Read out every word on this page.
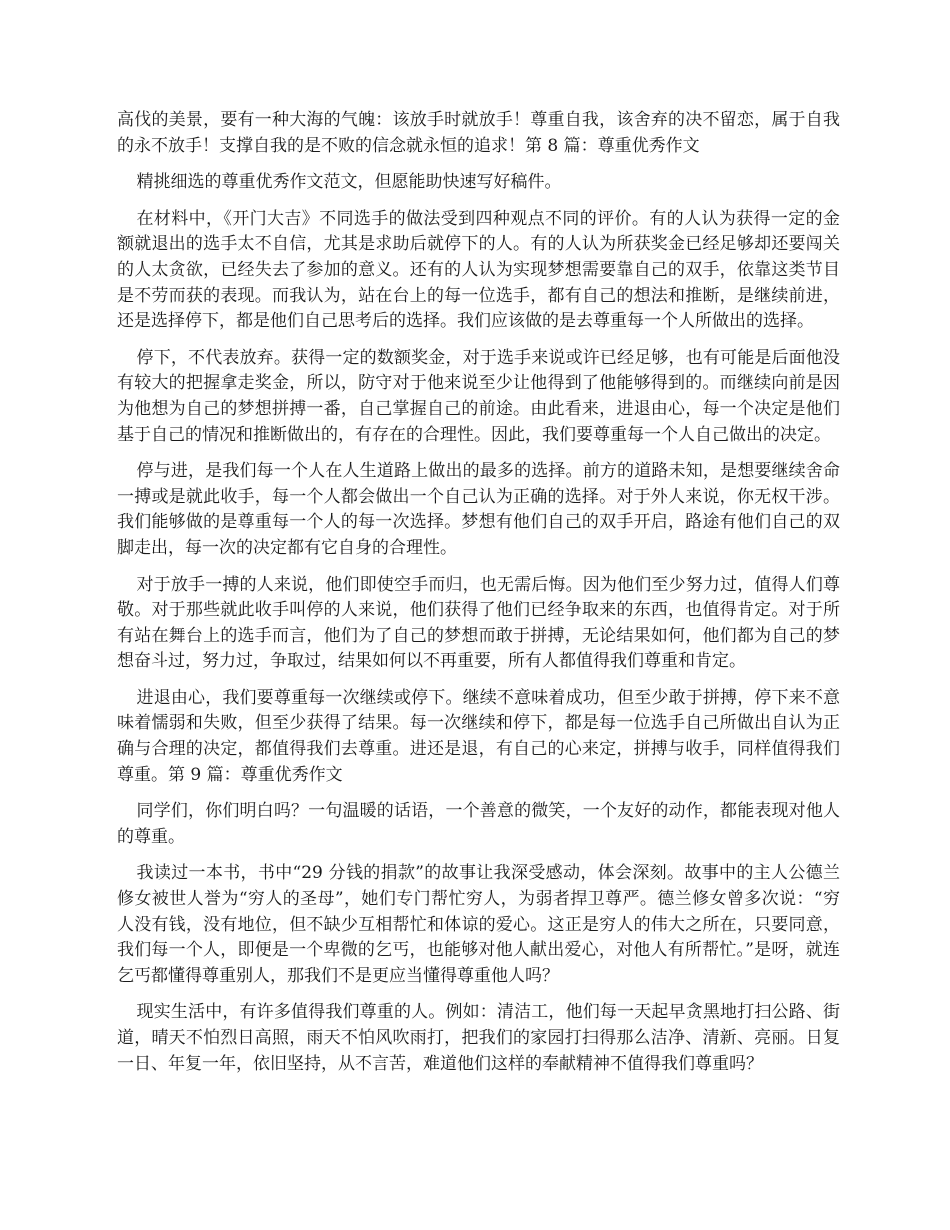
高伐的美景，要有一种大海的气魄：该放手时就放手！尊重自我，该舍弃的决不留恋，属于自我的永不放手！支撑自我的是不败的信念就永恒的追求！第 8 篇：尊重优秀作文

精挑细选的尊重优秀作文范文，但愿能助快速写好稿件。

在材料中，《开门大吉》不同选手的做法受到四种观点不同的评价。有的人认为获得一定的金额就退出的选手太不自信，尤其是求助后就停下的人。有的人认为所获奖金已经足够却还要闯关的人太贪欲，已经失去了参加的意义。还有的人认为实现梦想需要靠自己的双手，依靠这类节目是不劳而获的表现。而我认为，站在台上的每一位选手，都有自己的想法和推断，是继续前进，还是选择停下，都是他们自己思考后的选择。我们应该做的是去尊重每一个人所做出的选择。

停下，不代表放弃。获得一定的数额奖金，对于选手来说或许已经足够，也有可能是后面他没有较大的把握拿走奖金，所以，防守对于他来说至少让他得到了他能够得到的。而继续向前是因为他想为自己的梦想拼搏一番，自己掌握自己的前途。由此看来，进退由心，每一个决定是他们基于自己的情况和推断做出的，有存在的合理性。因此，我们要尊重每一个人自己做出的决定。

停与进，是我们每一个人在人生道路上做出的最多的选择。前方的道路未知，是想要继续舍命一搏或是就此收手，每一个人都会做出一个自己认为正确的选择。对于外人来说，你无权干涉。我们能够做的是尊重每一个人的每一次选择。梦想有他们自己的双手开启，路途有他们自己的双脚走出，每一次的决定都有它自身的合理性。

对于放手一搏的人来说，他们即使空手而归，也无需后悔。因为他们至少努力过，值得人们尊敬。对于那些就此收手叫停的人来说，他们获得了他们已经争取来的东西，也值得肯定。对于所有站在舞台上的选手而言，他们为了自己的梦想而敢于拼搏，无论结果如何，他们都为自己的梦想奋斗过，努力过，争取过，结果如何以不再重要，所有人都值得我们尊重和肯定。

进退由心，我们要尊重每一次继续或停下。继续不意味着成功，但至少敢于拼搏，停下来不意味着懦弱和失败，但至少获得了结果。每一次继续和停下，都是每一位选手自己所做出自认为正确与合理的决定，都值得我们去尊重。进还是退，有自己的心来定，拼搏与收手，同样值得我们尊重。第 9 篇：尊重优秀作文

同学们，你们明白吗？一句温暖的话语，一个善意的微笑，一个友好的动作，都能表现对他人的尊重。

我读过一本书，书中“29 分钱的捐款”的故事让我深受感动，体会深刻。故事中的主人公德兰修女被世人誉为“穷人的圣母”，她们专门帮忙穷人，为弱者捍卫尊严。德兰修女曾多次说：“穷人没有钱，没有地位，但不缺少互相帮忙和体谅的爱心。这正是穷人的伟大之所在，只要同意，我们每一个人，即便是一个卑微的乞丐，也能够对他人献出爱心，对他人有所帮忙。”是呀，就连乞丐都懂得尊重别人，那我们不是更应当懂得尊重他人吗？

现实生活中，有许多值得我们尊重的人。例如：清洁工，他们每一天起早贪黑地打扫公路、街道，晴天不怕烈日高照，雨天不怕风吹雨打，把我们的家园打扫得那么洁净、清新、亮丽。日复一日、年复一年，依旧坚持，从不言苦，难道他们这样的奉献精神不值得我们尊重吗？
